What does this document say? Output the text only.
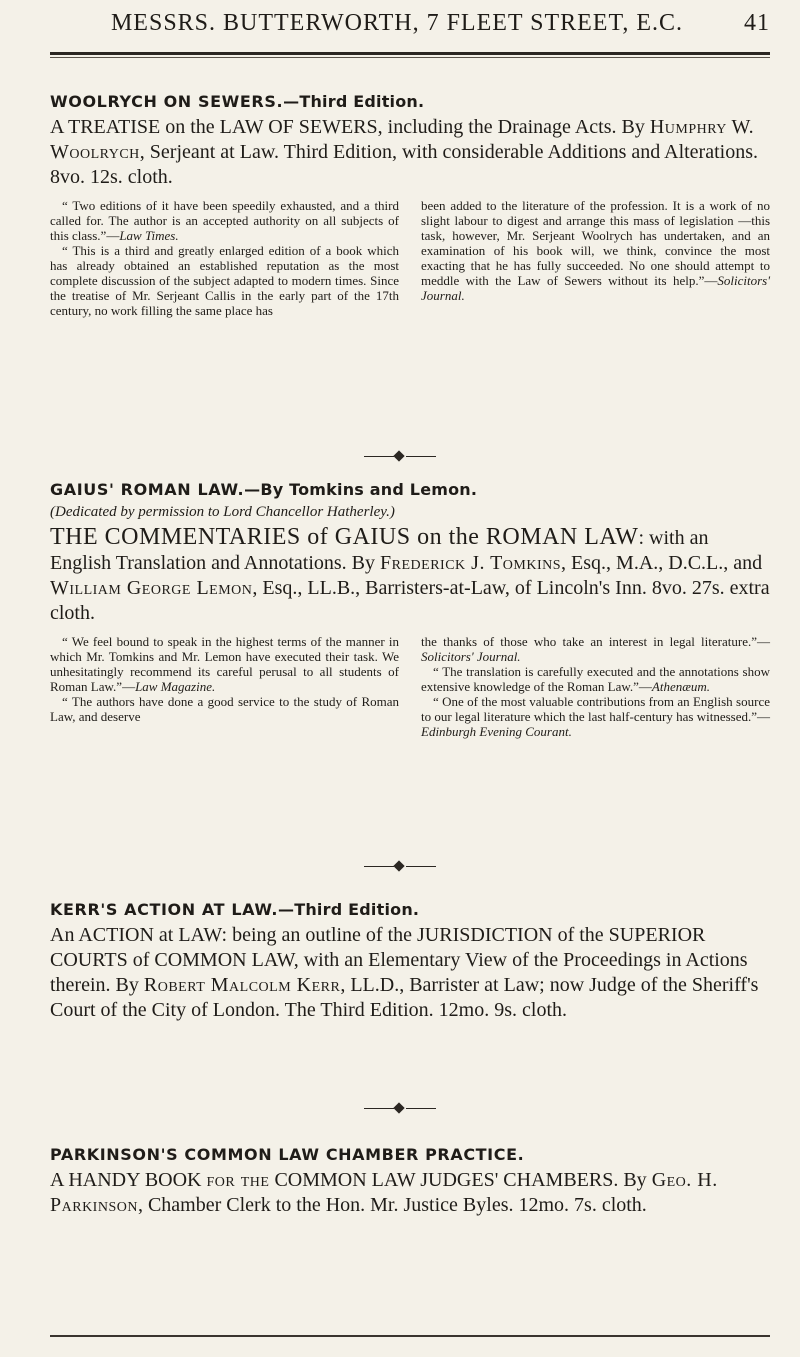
MESSRS. BUTTERWORTH, 7 FLEET STREET, E.C.	41
WOOLRYCH ON SEWERS.—Third Edition.

A TREATISE on the LAW OF SEWERS, including the Drainage Acts. By Humphry W. Woolrych, Serjeant at Law. Third Edition, with considerable Additions and Alterations. 8vo. 12s. cloth.

“ Two editions of it have been speedily exhausted, and a third called for. The author is an accepted authority on all subjects of this class.”—Law Times.

“ This is a third and greatly enlarged edition of a book which has already obtained an established reputation as the most complete discussion of the subject adapted to modern times. Since the treatise of Mr. Serjeant Callis in the early part of the 17th century, no work filling the same place has

been added to the literature of the profession. It is a work of no slight labour to digest and arrange this mass of legislation —this task, however, Mr. Serjeant Woolrych has undertaken, and an examination of his book will, we think, convince the most exacting that he has fully succeeded. No one should attempt to meddle with the Law of Sewers without its help.”—Solicitors' Journal.

GAIUS' ROMAN LAW.—By Tomkins and Lemon.

(Dedicated by permission to Lord Chancellor Hatherley.)

THE COMMENTARIES of GAIUS on the ROMAN LAW: with an English Translation and Annotations. By Frederick J. Tomkins, Esq., M.A., D.C.L., and William George Lemon, Esq., LL.B., Barristers-at-Law, of Lincoln's Inn. 8vo. 27s. extra cloth.

“ We feel bound to speak in the highest terms of the manner in which Mr. Tomkins and Mr. Lemon have executed their task. We unhesitatingly recommend its careful perusal to all students of Roman Law.”—Law Magazine.

“ The authors have done a good service to the study of Roman Law, and deserve

the thanks of those who take an interest in legal literature.”—Solicitors' Journal.

“ The translation is carefully executed and the annotations show extensive knowledge of the Roman Law.”—Athenæum.

“ One of the most valuable contributions from an English source to our legal literature which the last half-century has witnessed.”—Edinburgh Evening Courant.

KERR'S ACTION AT LAW.—Third Edition.

An ACTION at LAW: being an outline of the JURISDICTION of the SUPERIOR COURTS of COMMON LAW, with an Elementary View of the Proceedings in Actions therein. By Robert Malcolm Kerr, LL.D., Barrister at Law; now Judge of the Sheriff's Court of the City of London. The Third Edition. 12mo. 9s. cloth.

PARKINSON'S COMMON LAW CHAMBER PRACTICE.

A HANDY BOOK for the COMMON LAW JUDGES' CHAMBERS. By Geo. H. Parkinson, Chamber Clerk to the Hon. Mr. Justice Byles. 12mo. 7s. cloth.
